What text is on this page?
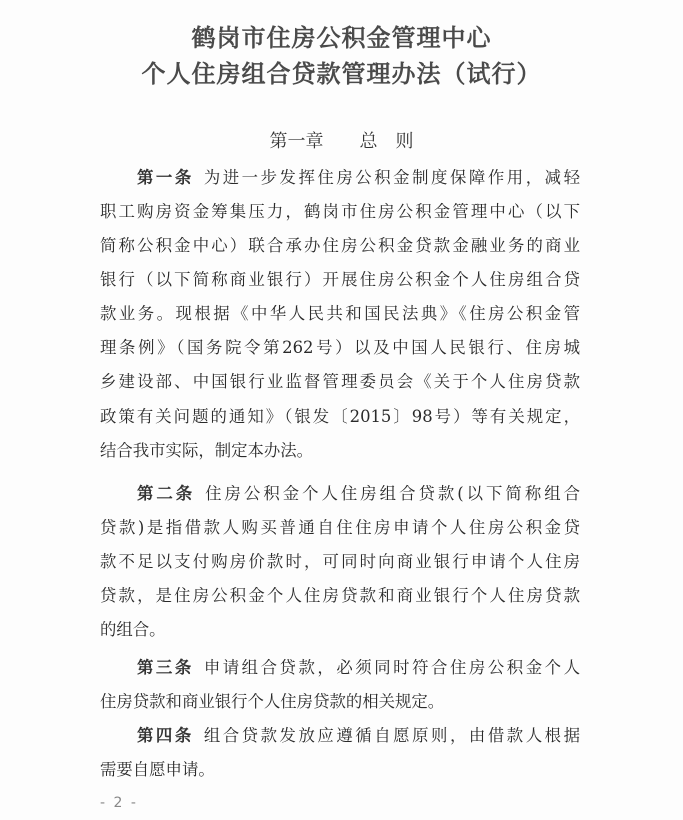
鹤岗市住房公积金管理中心
个人住房组合贷款管理办法（试行）
第一章　　总　则
第一条 为进一步发挥住房公积金制度保障作用，减轻
职工购房资金筹集压力，鹤岗市住房公积金管理中心（以下
简称公积金中心）联合承办住房公积金贷款金融业务的商业
银行（以下简称商业银行）开展住房公积金个人住房组合贷
款业务。现根据《中华人民共和国民法典》《住房公积金管
理条例》（国务院令第262号）以及中国人民银行、住房城
乡建设部、中国银行业监督管理委员会《关于个人住房贷款
政策有关问题的通知》（银发〔2015〕98号）等有关规定，
结合我市实际，制定本办法。
第二条 住房公积金个人住房组合贷款(以下简称组合
贷款)是指借款人购买普通自住住房申请个人住房公积金贷
款不足以支付购房价款时，可同时向商业银行申请个人住房
贷款，是住房公积金个人住房贷款和商业银行个人住房贷款
的组合。
第三条 申请组合贷款，必须同时符合住房公积金个人
住房贷款和商业银行个人住房贷款的相关规定。
第四条 组合贷款发放应遵循自愿原则，由借款人根据
需要自愿申请。
- 2 -
